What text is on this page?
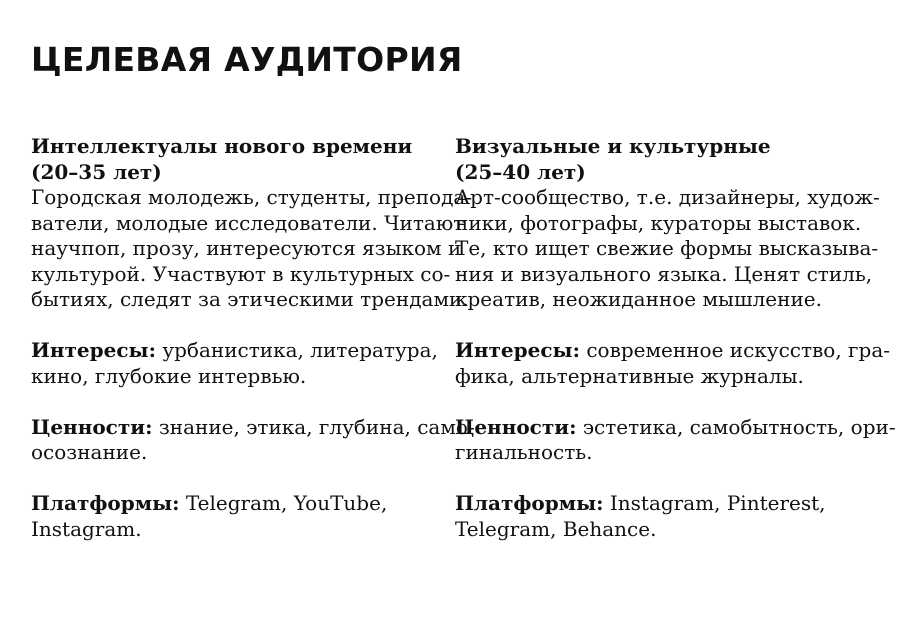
ЦЕЛЕВАЯ АУДИТОРИЯ
Интеллектуалы нового времени
(20–35 лет)
Городская молодежь, студенты, препода-
ватели, молодые исследователи. Читают
научпоп, прозу, интересуются языком и
культурой. Участвуют в культурных со-
бытиях, следят за этическими трендами.
Интересы: урбанистика, литература,
кино, глубокие интервью.
Ценности: знание, этика, глубина, само-
осознание.
Платформы: Telegram, YouTube,
Instagram.
Визуальные и культурные
(25–40 лет)
Арт-сообщество, т.е. дизайнеры, худож-
ники, фотографы, кураторы выставок.
Те, кто ищет свежие формы высказыва-
ния и визуального языка. Ценят стиль,
креатив, неожиданное мышление.
Интересы: современное искусство, гра-
фика, альтернативные журналы.
Ценности: эстетика, самобытность, ори-
гинальность.
Платформы: Instagram, Pinterest,
Telegram, Behance.
